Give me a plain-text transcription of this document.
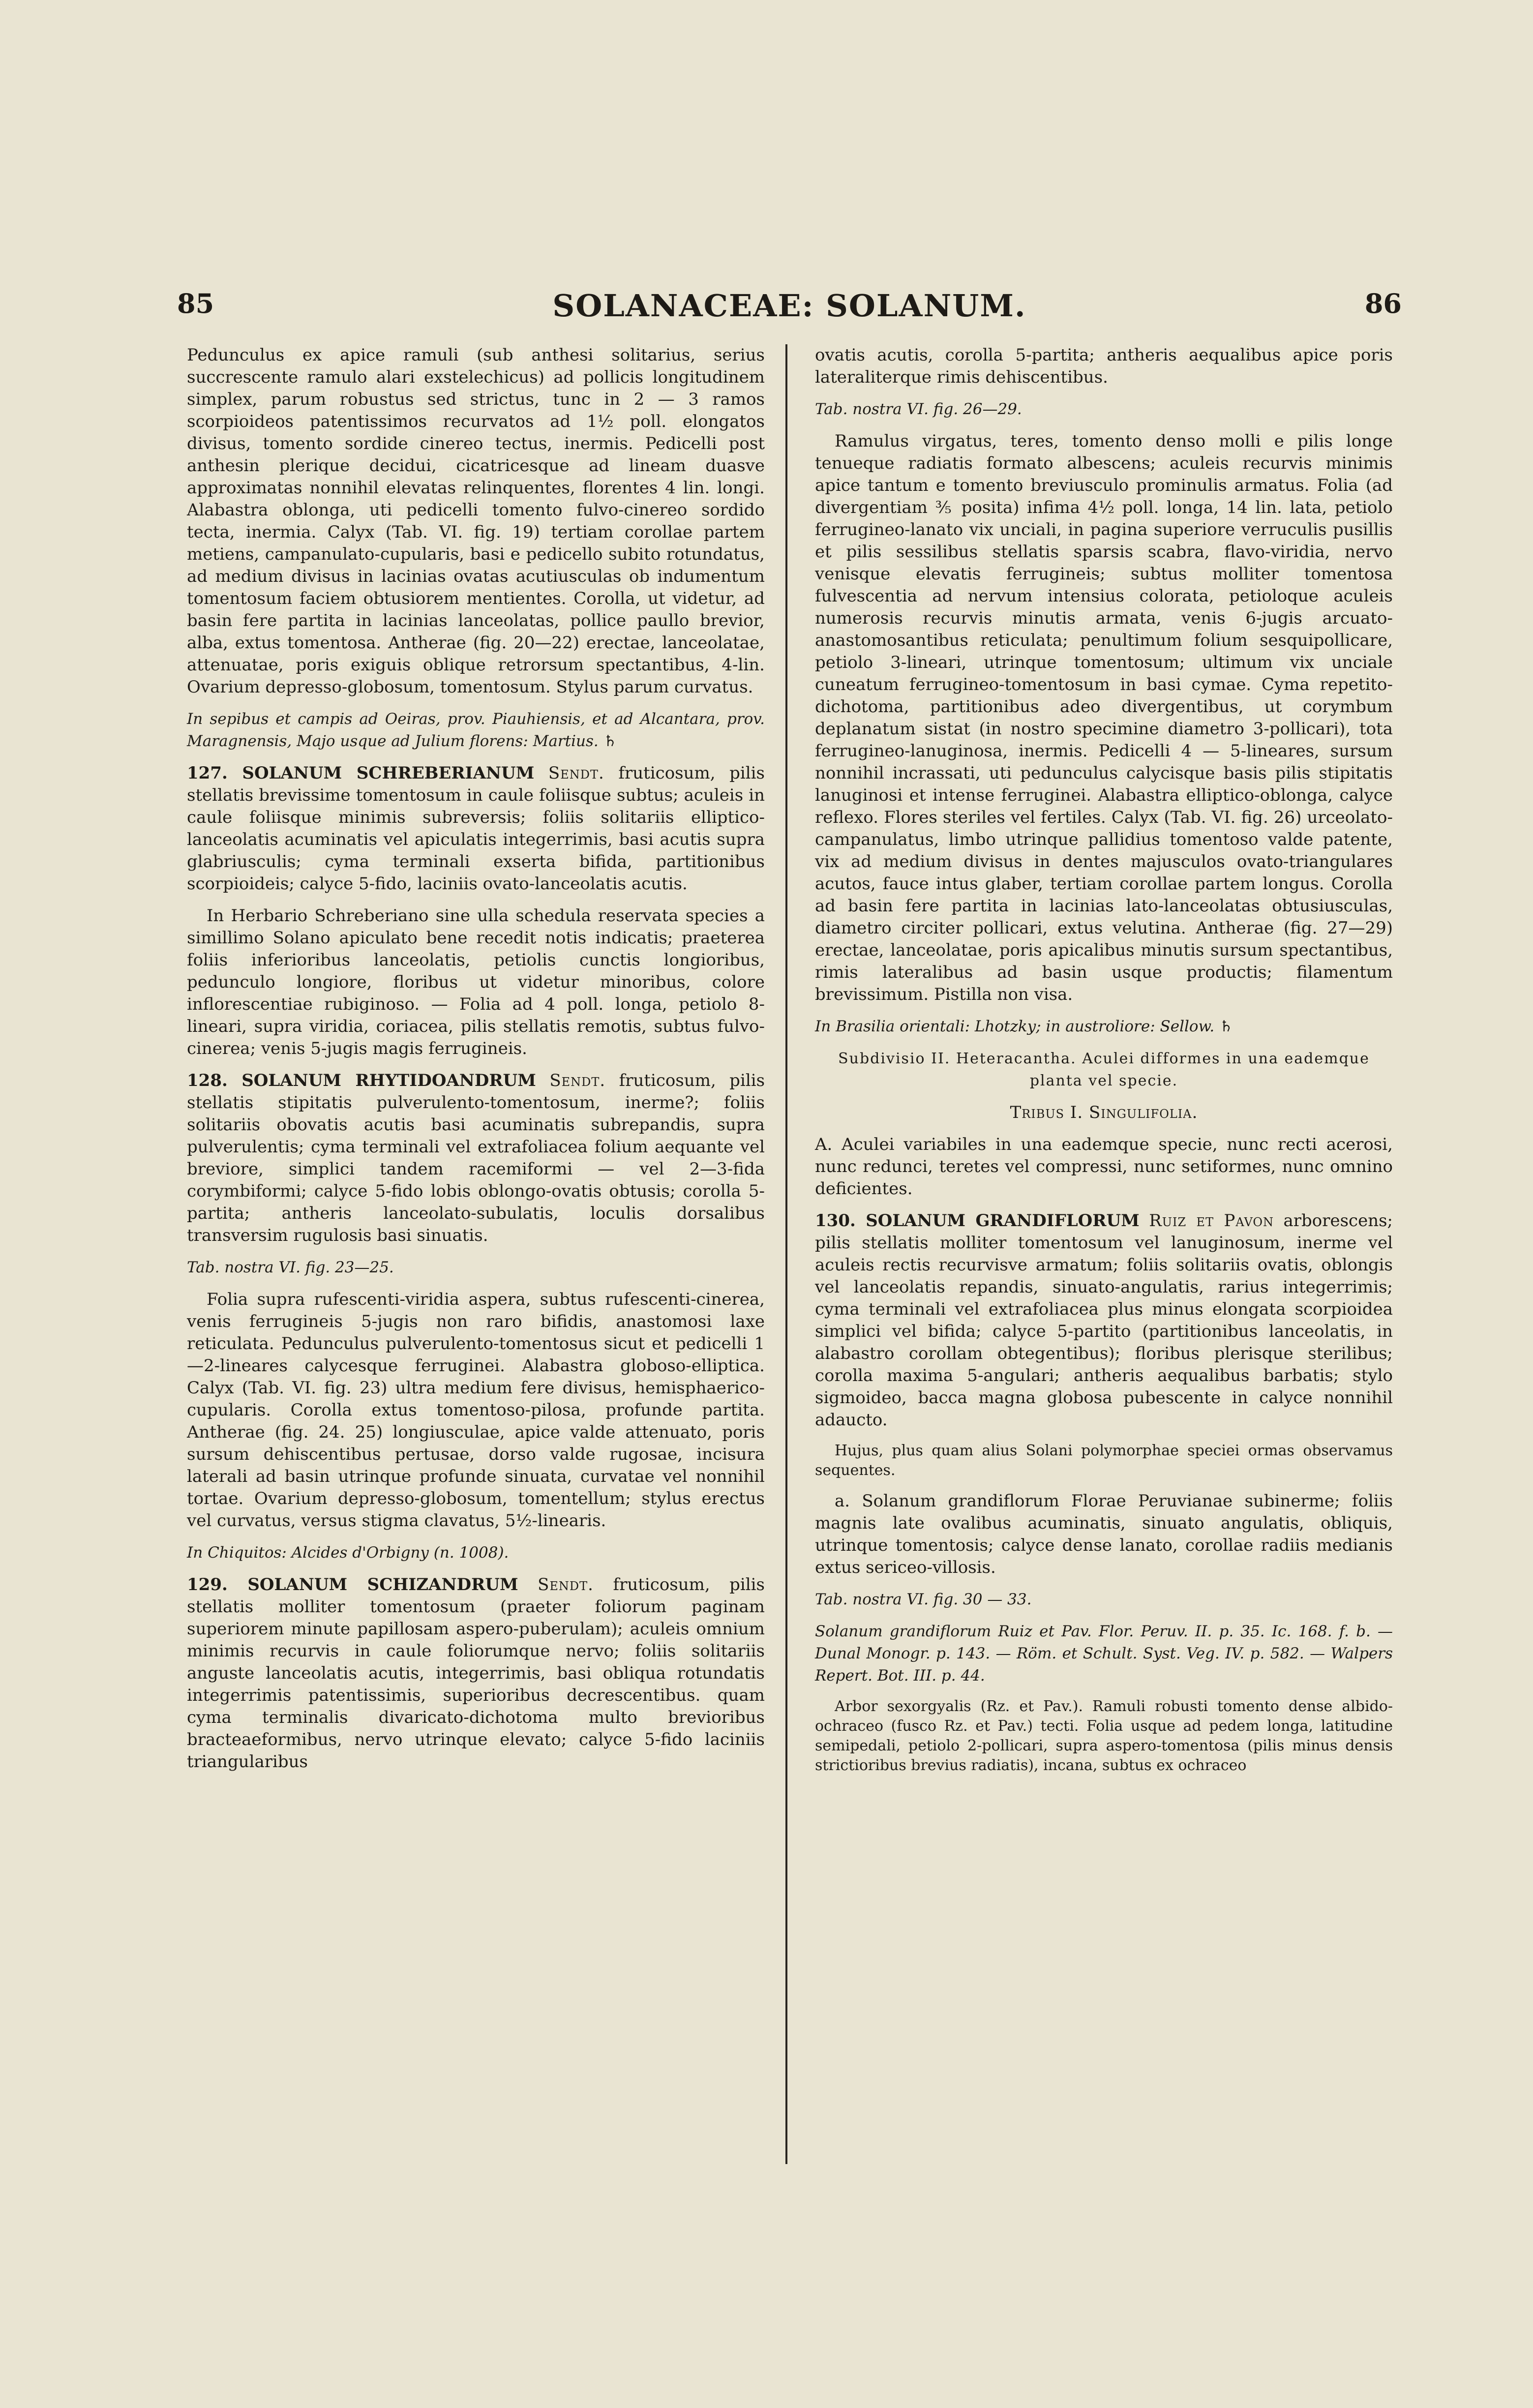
85	SOLANACEAE: SOLANUM.	86

Pedunculus ex apice ramuli (sub anthesi solitarius, serius succrescente ramulo alari exstelechicus) ad pollicis longitudinem simplex, parum robustus sed strictus, tunc in 2 — 3 ramos scorpioideos patentissimos recurvatos ad 1½ poll. elongatos divisus, tomento sordide cinereo tectus, inermis. Pedicelli post anthesin plerique decidui, cicatricesque ad lineam duasve approximatas nonnihil elevatas relinquentes, florentes 4 lin. longi. Alabastra oblonga, uti pedicelli tomento fulvo-cinereo sordido tecta, inermia. Calyx (Tab. VI. fig. 19) tertiam corollae partem metiens, campanulato-cupularis, basi e pedicello subito rotundatus, ad medium divisus in lacinias ovatas acutiusculas ob indumentum tomentosum faciem obtusiorem mentientes. Corolla, ut videtur, ad basin fere partita in lacinias lanceolatas, pollice paullo brevior, alba, extus tomentosa. Antherae (fig. 20—22) erectae, lanceolatae, attenuatae, poris exiguis oblique retrorsum spectantibus, 4-lin. Ovarium depresso-globosum, tomentosum. Stylus parum curvatus.

In sepibus et campis ad Oeiras, prov. Piauhiensis, et ad Alcantara, prov. Maragnensis, Majo usque ad Julium florens: Martius. ♄

127. SOLANUM SCHREBERIANUM Sendt. fruticosum, pilis stellatis brevissime tomentosum in caule foliisque subtus; aculeis in caule foliisque minimis subreversis; foliis solitariis elliptico-lanceolatis acuminatis vel apiculatis integerrimis, basi acutis supra glabriusculis; cyma terminali exserta bifida, partitionibus scorpioideis; calyce 5-fido, laciniis ovato-lanceolatis acutis.

In Herbario Schreberiano sine ulla schedula reservata species a simillimo Solano apiculato bene recedit notis indicatis; praeterea foliis inferioribus lanceolatis, petiolis cunctis longioribus, pedunculo longiore, floribus ut videtur minoribus, colore inflorescentiae rubiginoso. — Folia ad 4 poll. longa, petiolo 8-lineari, supra viridia, coriacea, pilis stellatis remotis, subtus fulvo-cinerea; venis 5-jugis magis ferrugineis.

128. SOLANUM RHYTIDOANDRUM Sendt. fruticosum, pilis stellatis stipitatis pulverulento-tomentosum, inerme?; foliis solitariis obovatis acutis basi acuminatis subrepandis, supra pulverulentis; cyma terminali vel extrafoliacea folium aequante vel breviore, simplici tandem racemiformi — vel 2—3-fida corymbiformi; calyce 5-fido lobis oblongo-ovatis obtusis; corolla 5-partita; antheris lanceolato-subulatis, loculis dorsalibus transversim rugulosis basi sinuatis.

Tab. nostra VI. fig. 23—25.

Folia supra rufescenti-viridia aspera, subtus rufescenti-cinerea, venis ferrugineis 5-jugis non raro bifidis, anastomosi laxe reticulata. Pedunculus pulverulento-tomentosus sicut et pedicelli 1—2-lineares calycesque ferruginei. Alabastra globoso-elliptica. Calyx (Tab. VI. fig. 23) ultra medium fere divisus, hemisphaerico-cupularis. Corolla extus tomentoso-pilosa, profunde partita. Antherae (fig. 24. 25) longiusculae, apice valde attenuato, poris sursum dehiscentibus pertusae, dorso valde rugosae, incisura laterali ad basin utrinque profunde sinuata, curvatae vel nonnihil tortae. Ovarium depresso-globosum, tomentellum; stylus erectus vel curvatus, versus stigma clavatus, 5½-linearis.

In Chiquitos: Alcides d'Orbigny (n. 1008).

129. SOLANUM SCHIZANDRUM Sendt. fruticosum, pilis stellatis molliter tomentosum (praeter foliorum paginam superiorem minute papillosam aspero-puberulam); aculeis omnium minimis recurvis in caule foliorumque nervo; foliis solitariis anguste lanceolatis acutis, integerrimis, basi obliqua rotundatis integerrimis patentissimis, superioribus decrescentibus. quam cyma terminalis divaricato-dichotoma multo brevioribus bracteaeformibus, nervo utrinque elevato; calyce 5-fido laciniis triangularibus

ovatis acutis, corolla 5-partita; antheris aequalibus apice poris lateraliterque rimis dehiscentibus.

Tab. nostra VI. fig. 26—29.

Ramulus virgatus, teres, tomento denso molli e pilis longe tenueque radiatis formato albescens; aculeis recurvis minimis apice tantum e tomento breviusculo prominulis armatus. Folia (ad divergentiam ⅗ posita) infima 4½ poll. longa, 14 lin. lata, petiolo ferrugineo-lanato vix unciali, in pagina superiore verruculis pusillis et pilis sessilibus stellatis sparsis scabra, flavo-viridia, nervo venisque elevatis ferrugineis; subtus molliter tomentosa fulvescentia ad nervum intensius colorata, petioloque aculeis numerosis recurvis minutis armata, venis 6-jugis arcuato-anastomosantibus reticulata; penultimum folium sesquipollicare, petiolo 3-lineari, utrinque tomentosum; ultimum vix unciale cuneatum ferrugineo-tomentosum in basi cymae. Cyma repetito-dichotoma, partitionibus adeo divergentibus, ut corymbum deplanatum sistat (in nostro specimine diametro 3-pollicari), tota ferrugineo-lanuginosa, inermis. Pedicelli 4 — 5-lineares, sursum nonnihil incrassati, uti pedunculus calycisque basis pilis stipitatis lanuginosi et intense ferruginei. Alabastra elliptico-oblonga, calyce reflexo. Flores steriles vel fertiles. Calyx (Tab. VI. fig. 26) urceolato-campanulatus, limbo utrinque pallidius tomentoso valde patente, vix ad medium divisus in dentes majusculos ovato-triangulares acutos, fauce intus glaber, tertiam corollae partem longus. Corolla ad basin fere partita in lacinias lato-lanceolatas obtusiusculas, diametro circiter pollicari, extus velutina. Antherae (fig. 27—29) erectae, lanceolatae, poris apicalibus minutis sursum spectantibus, rimis lateralibus ad basin usque productis; filamentum brevissimum. Pistilla non visa.

In Brasilia orientali: Lhotzky; in austroliore: Sellow. ♄

Subdivisio II. Heteracantha. Aculei difformes in una eademque planta vel specie.

Tribus I. Singulifolia.

A. Aculei variabiles in una eademque specie, nunc recti acerosi, nunc redunci, teretes vel compressi, nunc setiformes, nunc omnino deficientes.

130. SOLANUM GRANDIFLORUM Ruiz et Pavon arborescens; pilis stellatis molliter tomentosum vel lanuginosum, inerme vel aculeis rectis recurvisve armatum; foliis solitariis ovatis, oblongis vel lanceolatis repandis, sinuato-angulatis, rarius integerrimis; cyma terminali vel extrafoliacea plus minus elongata scorpioidea simplici vel bifida; calyce 5-partito (partitionibus lanceolatis, in alabastro corollam obtegentibus); floribus plerisque sterilibus; corolla maxima 5-angulari; antheris aequalibus barbatis; stylo sigmoideo, bacca magna globosa pubescente in calyce nonnihil adaucto.

Hujus, plus quam alius Solani polymorphae speciei ormas observamus sequentes.

a. Solanum grandiflorum Florae Peruvianae subinerme; foliis magnis late ovalibus acuminatis, sinuato angulatis, obliquis, utrinque tomentosis; calyce dense lanato, corollae radiis medianis extus sericeo-villosis.

Tab. nostra VI. fig. 30 — 33.

Solanum grandiflorum Ruiz et Pav. Flor. Peruv. II. p. 35. Ic. 168. f. b. — Dunal Monogr. p. 143. — Röm. et Schult. Syst. Veg. IV. p. 582. — Walpers Repert. Bot. III. p. 44.

Arbor sexorgyalis (Rz. et Pav.). Ramuli robusti tomento dense albido-ochraceo (fusco Rz. et Pav.) tecti. Folia usque ad pedem longa, latitudine semipedali, petiolo 2-pollicari, supra aspero-tomentosa (pilis minus densis strictioribus brevius radiatis), incana, subtus ex ochraceo
